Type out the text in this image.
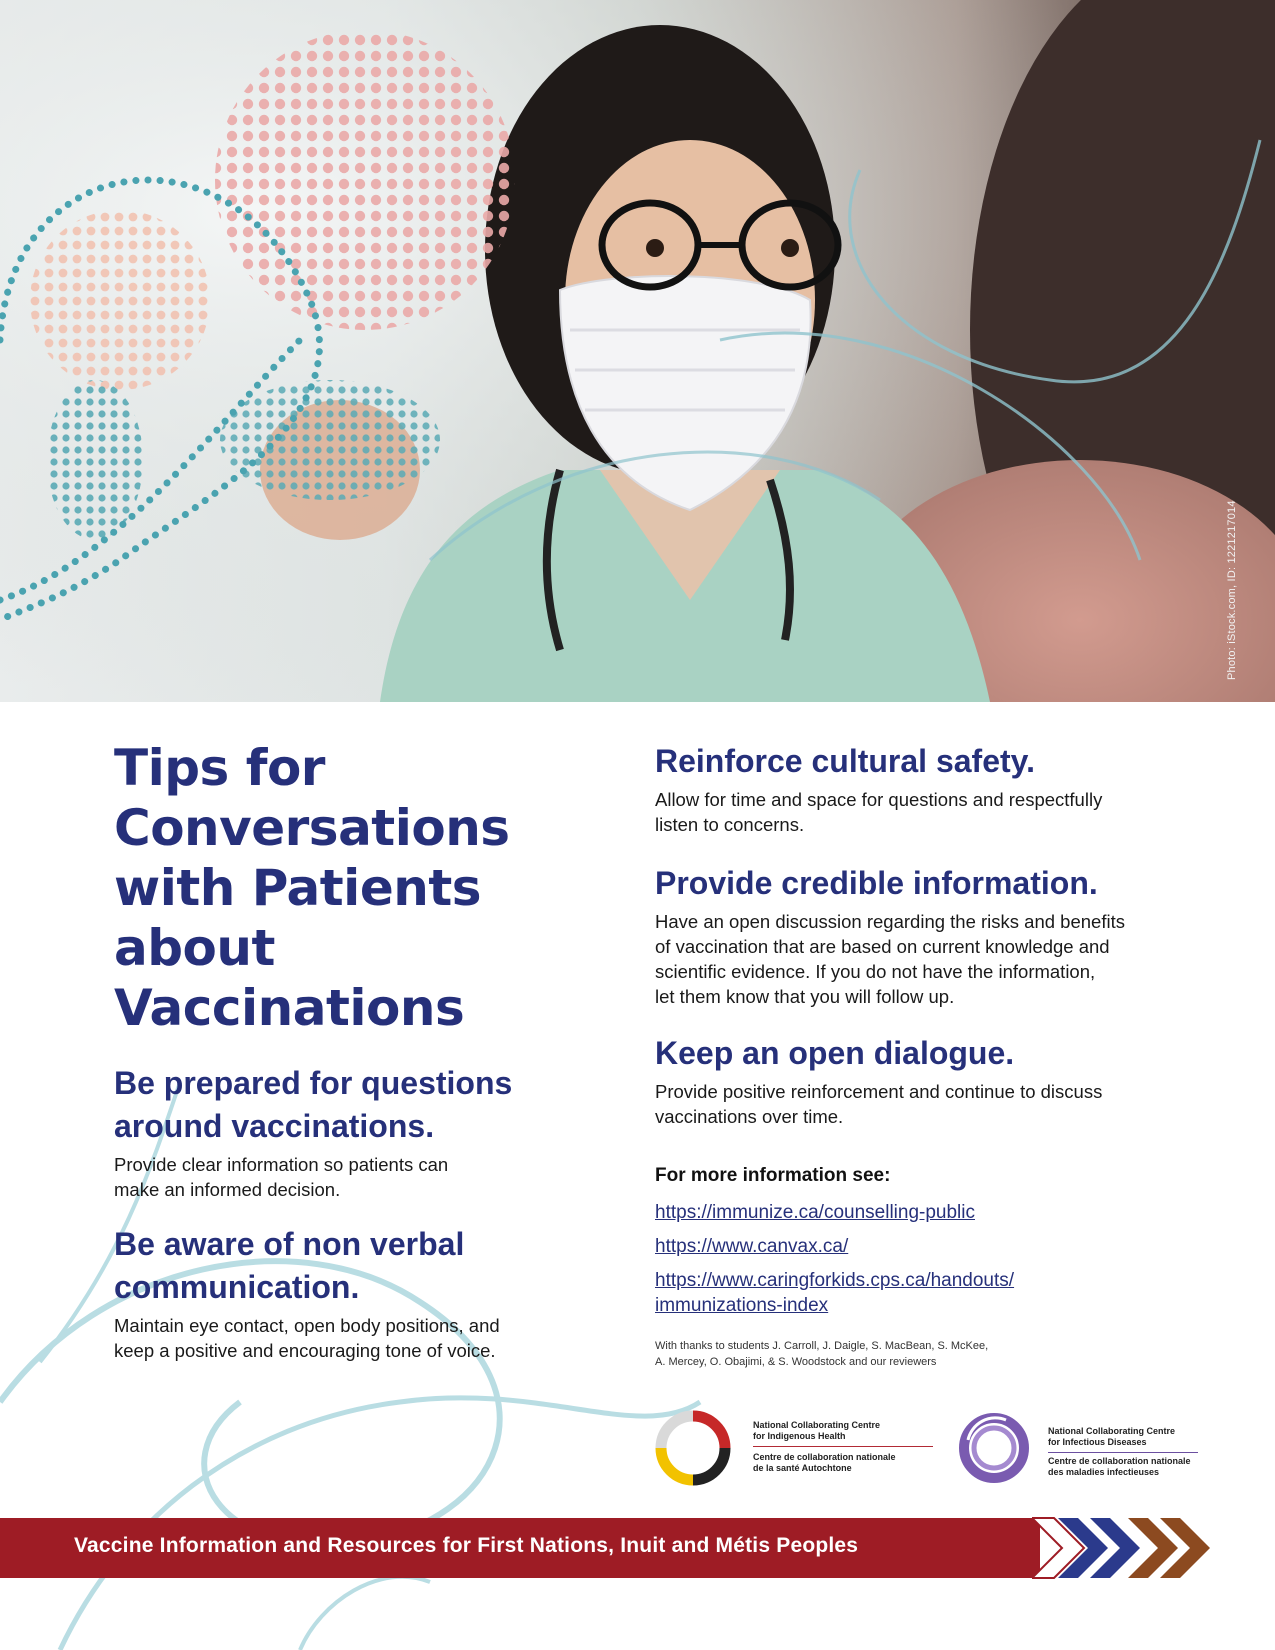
Photo: iStock.com, ID: 1221217014
Tips for
Conversations
with Patients
about
Vaccinations
Be prepared for questions
around vaccinations.

Provide clear information so patients can
make an informed decision.

Be aware of non verbal
communication.

Maintain eye contact, open body positions, and
keep a positive and encouraging tone of voice.

Reinforce cultural safety.

Allow for time and space for questions and respectfully
listen to concerns.

Provide credible information.

Have an open discussion regarding the risks and benefits
of vaccination that are based on current knowledge and
scientific evidence. If you do not have the information,
let them know that you will follow up.

Keep an open dialogue.

Provide positive reinforcement and continue to discuss
vaccinations over time.

For more information see:
https://immunize.ca/counselling-public
https://www.canvax.ca/
https://www.caringforkids.cps.ca/handouts/
immunizations-index
With thanks to students J. Carroll, J. Daigle, S. MacBean, S. McKee,
A. Mercey, O. Obajimi, & S. Woodstock and our reviewers
National Collaborating Centre
for Indigenous Health
Centre de collaboration nationale
de la santé Autochtone
National Collaborating Centre
for Infectious Diseases
Centre de collaboration nationale
des maladies infectieuses
Vaccine Information and Resources for First Nations, Inuit and Métis Peoples
